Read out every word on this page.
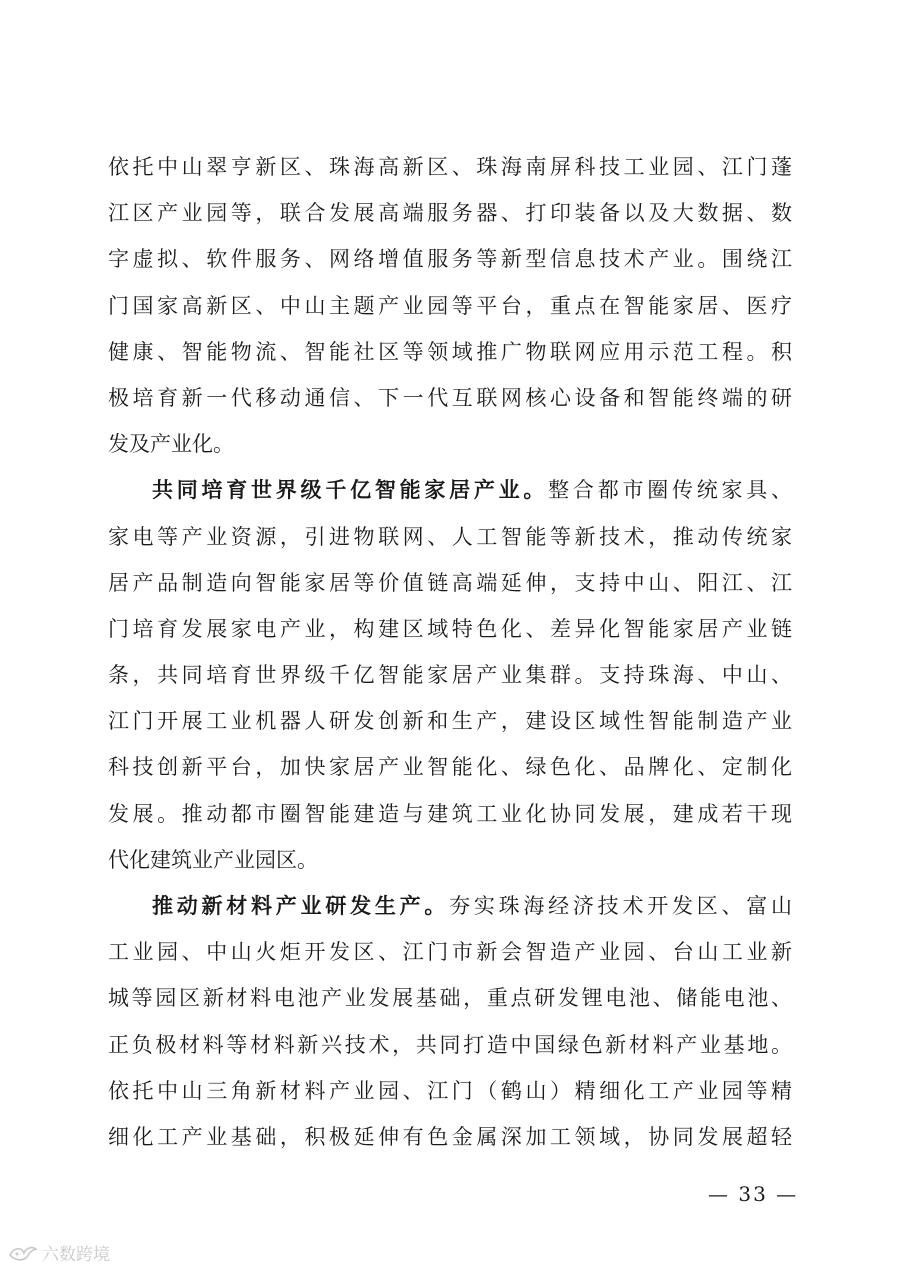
依托中山翠亨新区、珠海高新区、珠海南屏科技工业园、江门蓬
江区产业园等，联合发展高端服务器、打印装备以及大数据、数
字虚拟、软件服务、网络增值服务等新型信息技术产业。围绕江
门国家高新区、中山主题产业园等平台，重点在智能家居、医疗
健康、智能物流、智能社区等领域推广物联网应用示范工程。积
极培育新一代移动通信、下一代互联网核心设备和智能终端的研
发及产业化。
共同培育世界级千亿智能家居产业。整合都市圈传统家具、
家电等产业资源，引进物联网、人工智能等新技术，推动传统家
居产品制造向智能家居等价值链高端延伸，支持中山、阳江、江
门培育发展家电产业，构建区域特色化、差异化智能家居产业链
条，共同培育世界级千亿智能家居产业集群。支持珠海、中山、
江门开展工业机器人研发创新和生产，建设区域性智能制造产业
科技创新平台，加快家居产业智能化、绿色化、品牌化、定制化
发展。推动都市圈智能建造与建筑工业化协同发展，建成若干现
代化建筑业产业园区。
推动新材料产业研发生产。夯实珠海经济技术开发区、富山
工业园、中山火炬开发区、江门市新会智造产业园、台山工业新
城等园区新材料电池产业发展基础，重点研发锂电池、储能电池、
正负极材料等材料新兴技术，共同打造中国绿色新材料产业基地。
依托中山三角新材料产业园、江门（鹤山）精细化工产业园等精
细化工产业基础，积极延伸有色金属深加工领域，协同发展超轻
— 33 —
六数跨境
